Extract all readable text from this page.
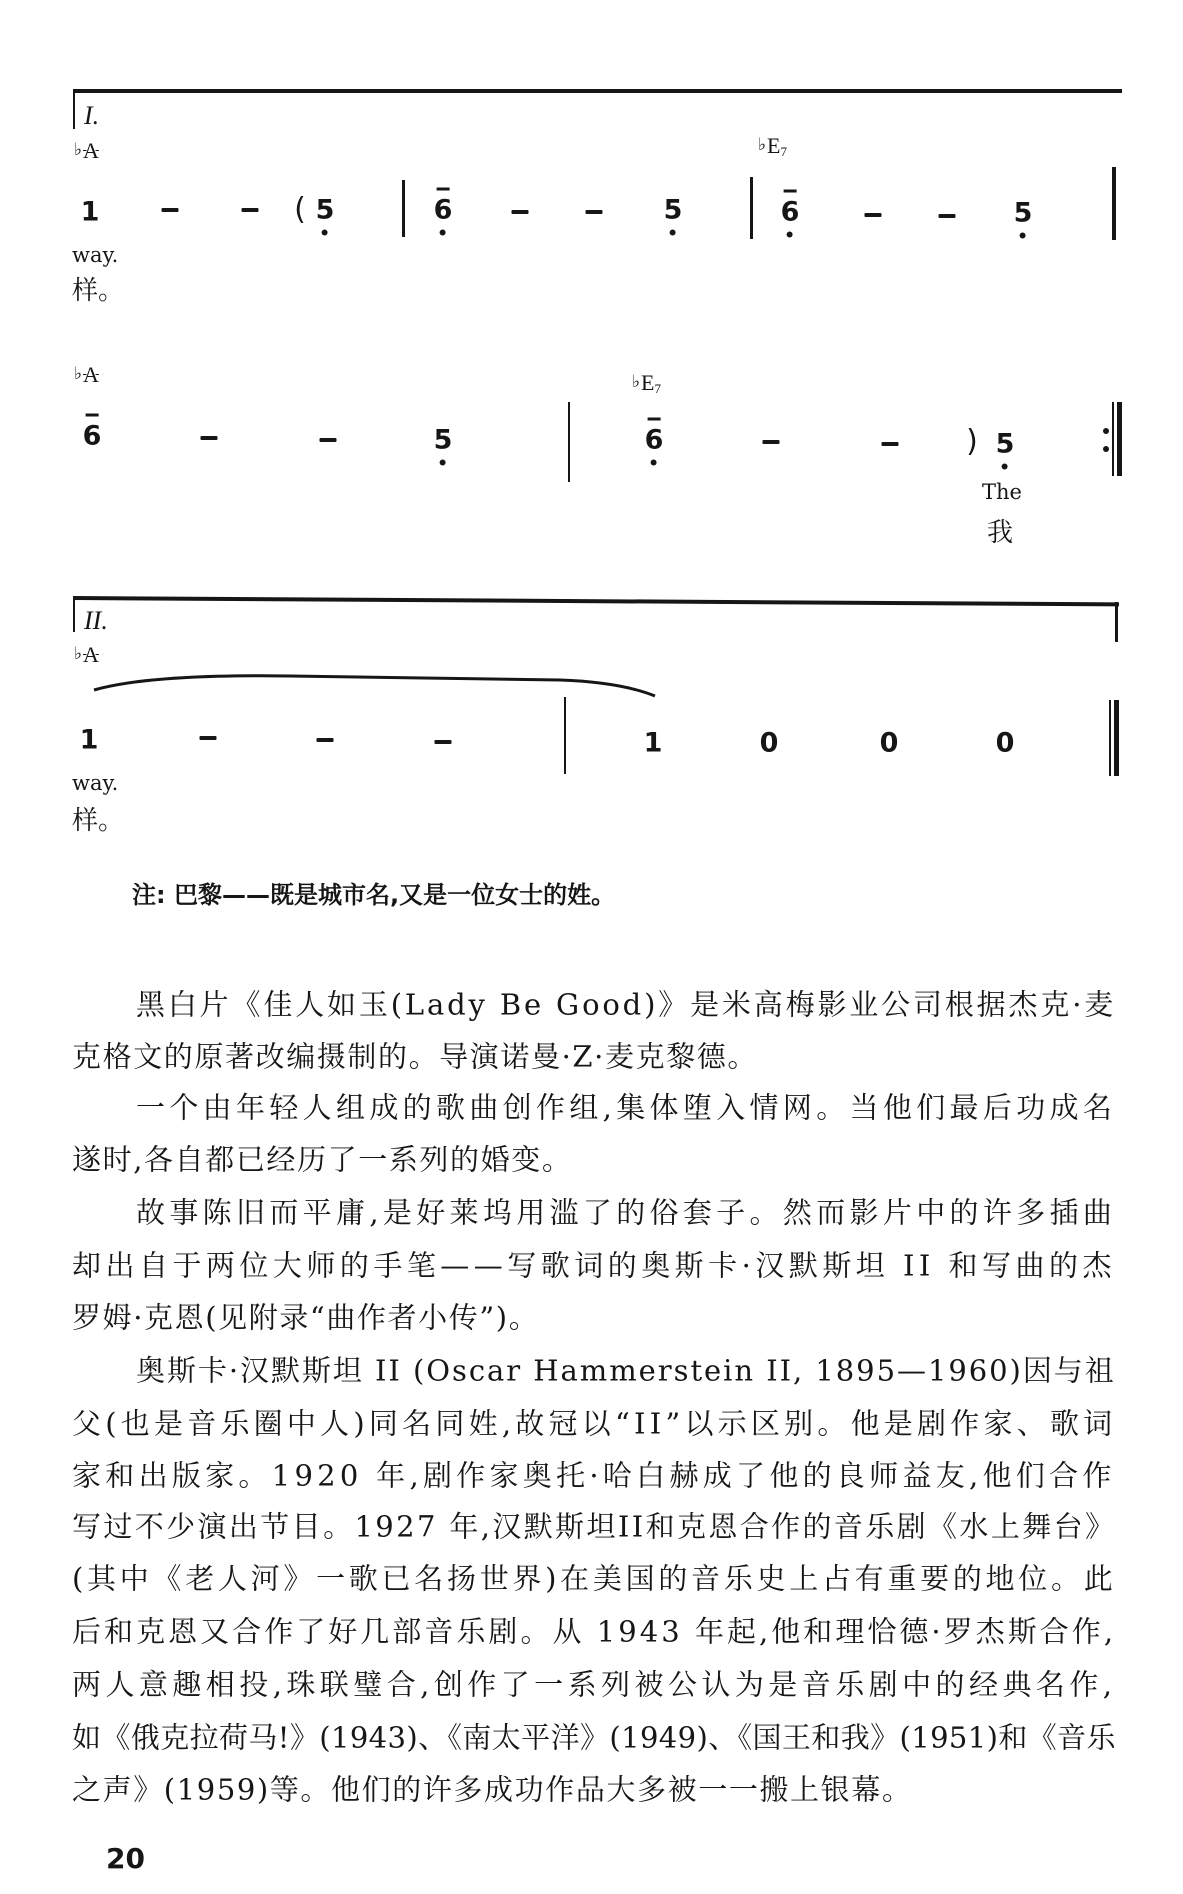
I.
♭A	$♭E_7$
1	( 5	6	5	6	5
way.
样。
♭A	$♭E_7$
6	5	6	) 5
The
我
II.
♭A
1	1	0	0	0
way.
样。
注: 巴黎——既是城市名,又是一位女士的姓。
黑白片《佳人如玉(Lady Be Good)》是米高梅影业公司根据杰克·麦
克格文的原著改编摄制的。导演诺曼·Z·麦克黎德。
一个由年轻人组成的歌曲创作组,集体堕入情网。当他们最后功成名
遂时,各自都已经历了一系列的婚变。
故事陈旧而平庸,是好莱坞用滥了的俗套子。然而影片中的许多插曲
却出自于两位大师的手笔——写歌词的奥斯卡·汉默斯坦 II 和写曲的杰
罗姆·克恩(见附录“曲作者小传”)。
奥斯卡·汉默斯坦 II (Oscar Hammerstein II, 1895—1960)因与祖
父(也是音乐圈中人)同名同姓,故冠以“II”以示区别。他是剧作家、歌词
家和出版家。1920 年,剧作家奥托·哈白赫成了他的良师益友,他们合作
写过不少演出节目。1927 年,汉默斯坦II和克恩合作的音乐剧《水上舞台》
(其中《老人河》一歌已名扬世界)在美国的音乐史上占有重要的地位。此
后和克恩又合作了好几部音乐剧。从 1943 年起,他和理恰德·罗杰斯合作,
两人意趣相投,珠联璧合,创作了一系列被公认为是音乐剧中的经典名作,
如《俄克拉荷马!》(1943)、《南太平洋》(1949)、《国王和我》(1951)和《音乐
之声》(1959)等。他们的许多成功作品大多被一一搬上银幕。
20
